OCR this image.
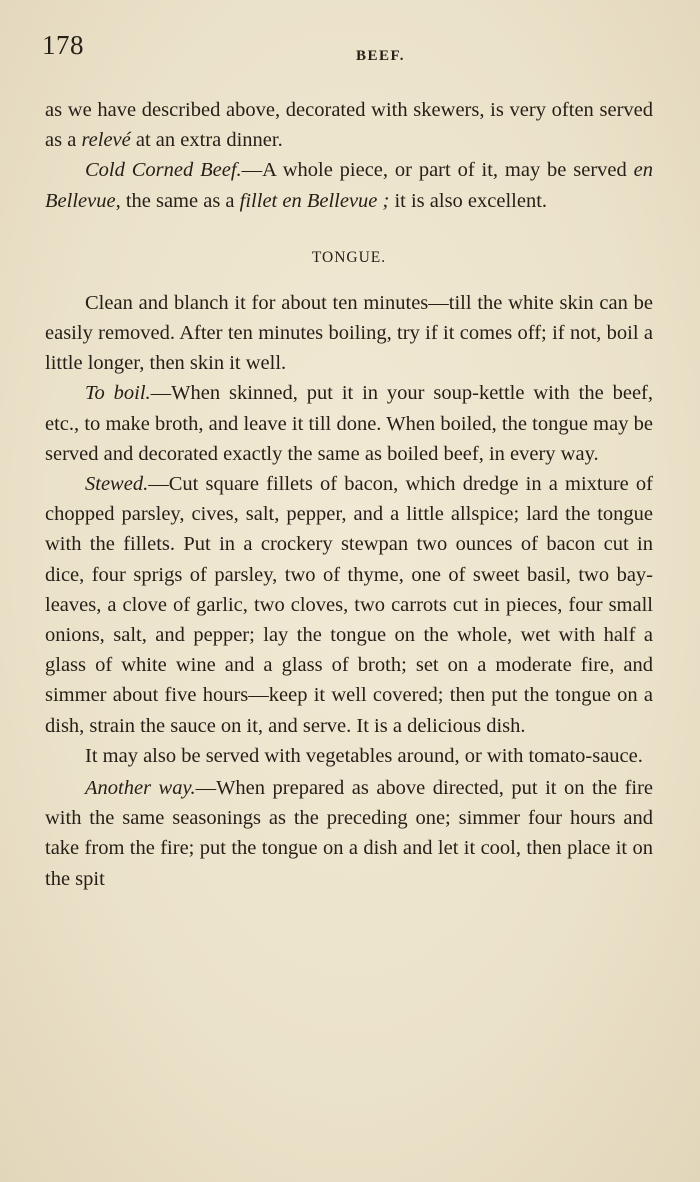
178	BEEF.

as we have described above, decorated with skewers, is very often served as a relevé at an extra dinner.

Cold Corned Beef.—A whole piece, or part of it, may be served en Bellevue, the same as a fillet en Bellevue ; it is also excellent.

TONGUE.

Clean and blanch it for about ten minutes—till the white skin can be easily removed. After ten minutes boiling, try if it comes off; if not, boil a little longer, then skin it well.

To boil.—When skinned, put it in your soup-kettle with the beef, etc., to make broth, and leave it till done. When boiled, the tongue may be served and decorated exactly the same as boiled beef, in every way.

Stewed.—Cut square fillets of bacon, which dredge in a mixture of chopped parsley, cives, salt, pepper, and a little allspice; lard the tongue with the fillets. Put in a crockery stewpan two ounces of bacon cut in dice, four sprigs of parsley, two of thyme, one of sweet basil, two bay-leaves, a clove of garlic, two cloves, two carrots cut in pieces, four small onions, salt, and pepper; lay the tongue on the whole, wet with half a glass of white wine and a glass of broth; set on a moderate fire, and simmer about five hours—keep it well covered; then put the tongue on a dish, strain the sauce on it, and serve. It is a delicious dish.

It may also be served with vegetables around, or with tomato-sauce.

Another way.—When prepared as above directed, put it on the fire with the same seasonings as the preceding one; simmer four hours and take from the fire; put the tongue on a dish and let it cool, then place it on the spit
